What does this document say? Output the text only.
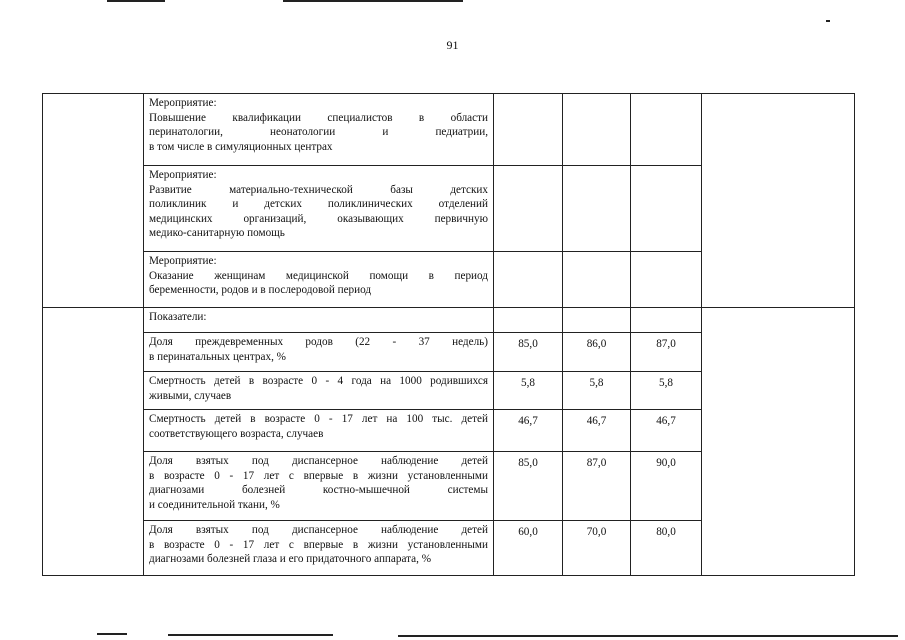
91

	Мероприятие:
Повышение квалификации специалистов в области
перинатологии, неонатологии и педиатрии,
в том числе в симуляционных центрах				

	Мероприятие:
Развитие материально-технической базы детских
поликлиник и детских поликлинических отделений
медицинских организаций, оказывающих первичную
медико-санитарную помощь				

	Мероприятие:
Оказание женщинам медицинской помощи в период
беременности, родов и в послеродовой период				

	Показатели:				

	Доля преждевременных родов (22 - 37 недель)
в перинатальных центрах, %	85,0	86,0	87,0	

	Смертность детей в возрасте 0 - 4 года на 1000 родившихся
живыми, случаев	5,8	5,8	5,8	

	Смертность детей в возрасте 0 - 17 лет на 100 тыс. детей
соответствующего возраста, случаев	46,7	46,7	46,7	

	Доля взятых под диспансерное наблюдение детей
в возрасте 0 - 17 лет с впервые в жизни установленными
диагнозами болезней костно-мышечной системы
и соединительной ткани, %	85,0	87,0	90,0	

	Доля взятых под диспансерное наблюдение детей
в возрасте 0 - 17 лет с впервые в жизни установленными
диагнозами болезней глаза и его придаточного аппарата, %	60,0	70,0	80,0	
